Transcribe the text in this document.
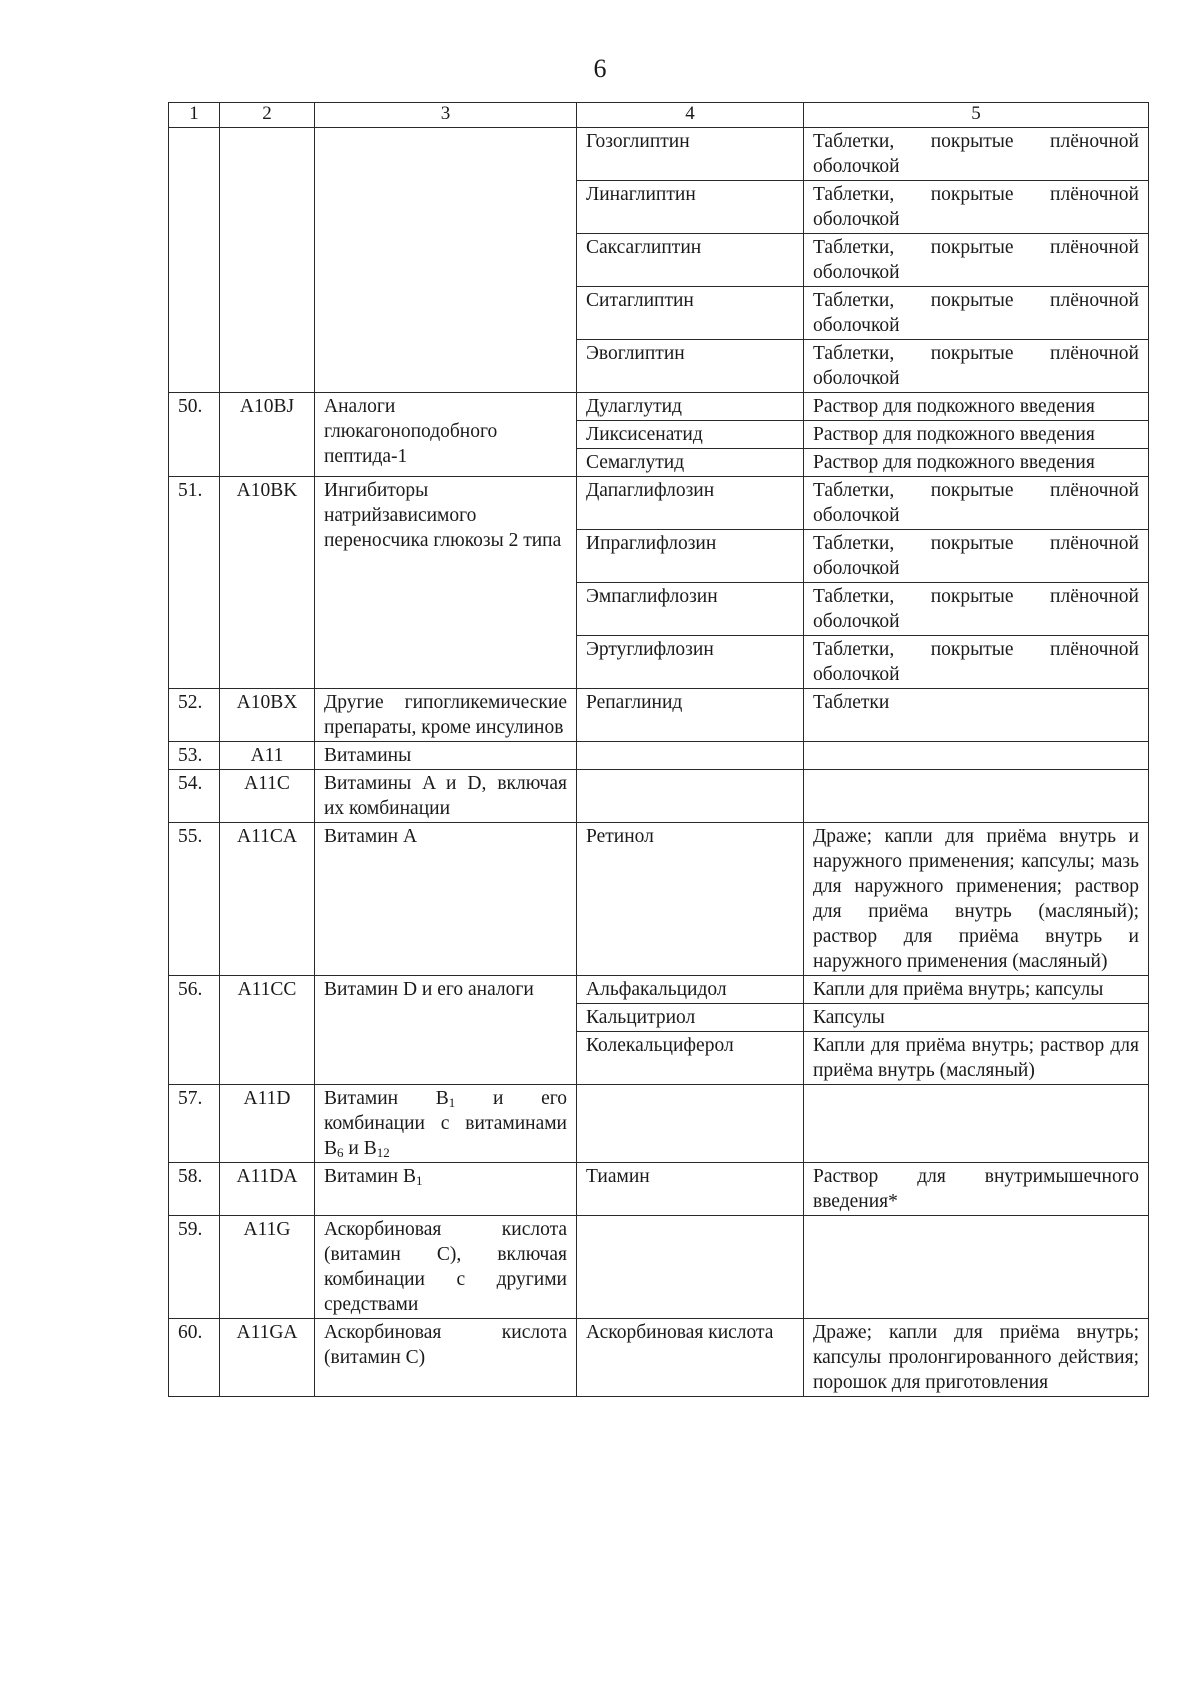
6
1	2	3	4	5
			Гозоглиптин	Таблетки, покрытые плёночной оболочкой
			Линаглиптин	Таблетки, покрытые плёночной оболочкой
			Саксаглиптин	Таблетки, покрытые плёночной оболочкой
			Ситаглиптин	Таблетки, покрытые плёночной оболочкой
			Эвоглиптин	Таблетки, покрытые плёночной оболочкой
50.	A10BJ	Аналоги глюкагоноподобного пептида-1	Дулаглутид	Раствор для подкожного введения
			Ликсисенатид	Раствор для подкожного введения
			Семаглутид	Раствор для подкожного введения
51.	A10BK	Ингибиторы натрийзависимого переносчика глюкозы 2 типа	Дапаглифлозин	Таблетки, покрытые плёночной оболочкой
			Ипраглифлозин	Таблетки, покрытые плёночной оболочкой
			Эмпаглифлозин	Таблетки, покрытые плёночной оболочкой
			Эртуглифлозин	Таблетки, покрытые плёночной оболочкой
52.	A10BX	Другие гипогликемические препараты, кроме инсулинов	Репаглинид	Таблетки
53.	A11	Витамины		
54.	A11C	Витамины A и D, включая их комбинации		
55.	A11CA	Витамин A	Ретинол	Драже; капли для приёма внутрь и наружного применения; капсулы; мазь для наружного применения; раствор для приёма внутрь (масляный); раствор для приёма внутрь и наружного применения (масляный)
56.	A11CC	Витамин D и его аналоги	Альфакальцидол	Капли для приёма внутрь; капсулы
			Кальцитриол	Капсулы
			Колекальциферол	Капли для приёма внутрь; раствор для приёма внутрь (масляный)
57.	A11D	Витамин $B_1$ и его комбинации с витаминами $B_6$ и $B_{12}$		
58.	A11DA	Витамин $B_1$	Тиамин	Раствор для внутримышечного введения*
59.	A11G	Аскорбиновая кислота (витамин C), включая комбинации с другими средствами		
60.	A11GA	Аскорбиновая кислота (витамин C)	Аскорбиновая кислота	Драже; капли для приёма внутрь; капсулы пролонгированного действия; порошок для приготовления
